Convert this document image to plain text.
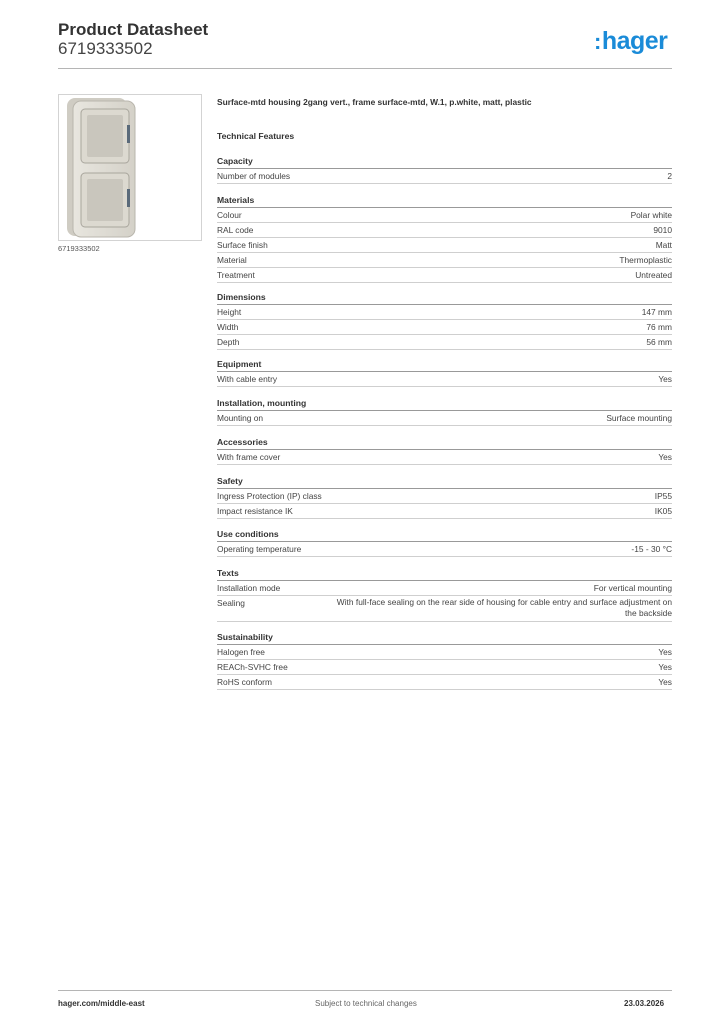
Product Datasheet
6719333502	:hager
6719333502
Surface-mtd housing 2gang vert., frame surface-mtd, W.1, p.white, matt, plastic
Technical Features
Capacity
Number of modules	2
Materials
Colour	Polar white
RAL code	9010
Surface finish	Matt
Material	Thermoplastic
Treatment	Untreated
Dimensions
Height	147 mm
Width	76 mm
Depth	56 mm
Equipment
With cable entry	Yes
Installation, mounting
Mounting on	Surface mounting
Accessories
With frame cover	Yes
Safety
Ingress Protection (IP) class	IP55
Impact resistance IK	IK05
Use conditions
Operating temperature	-15 - 30 °C
Texts
Installation mode	For vertical mounting
Sealing	With full-face sealing on the rear side of housing for cable entry and surface adjustment on the backside
Sustainability
Halogen free	Yes
REACh-SVHC free	Yes
RoHS conform	Yes
hager.com/middle-east	Subject to technical changes	23.03.2026
